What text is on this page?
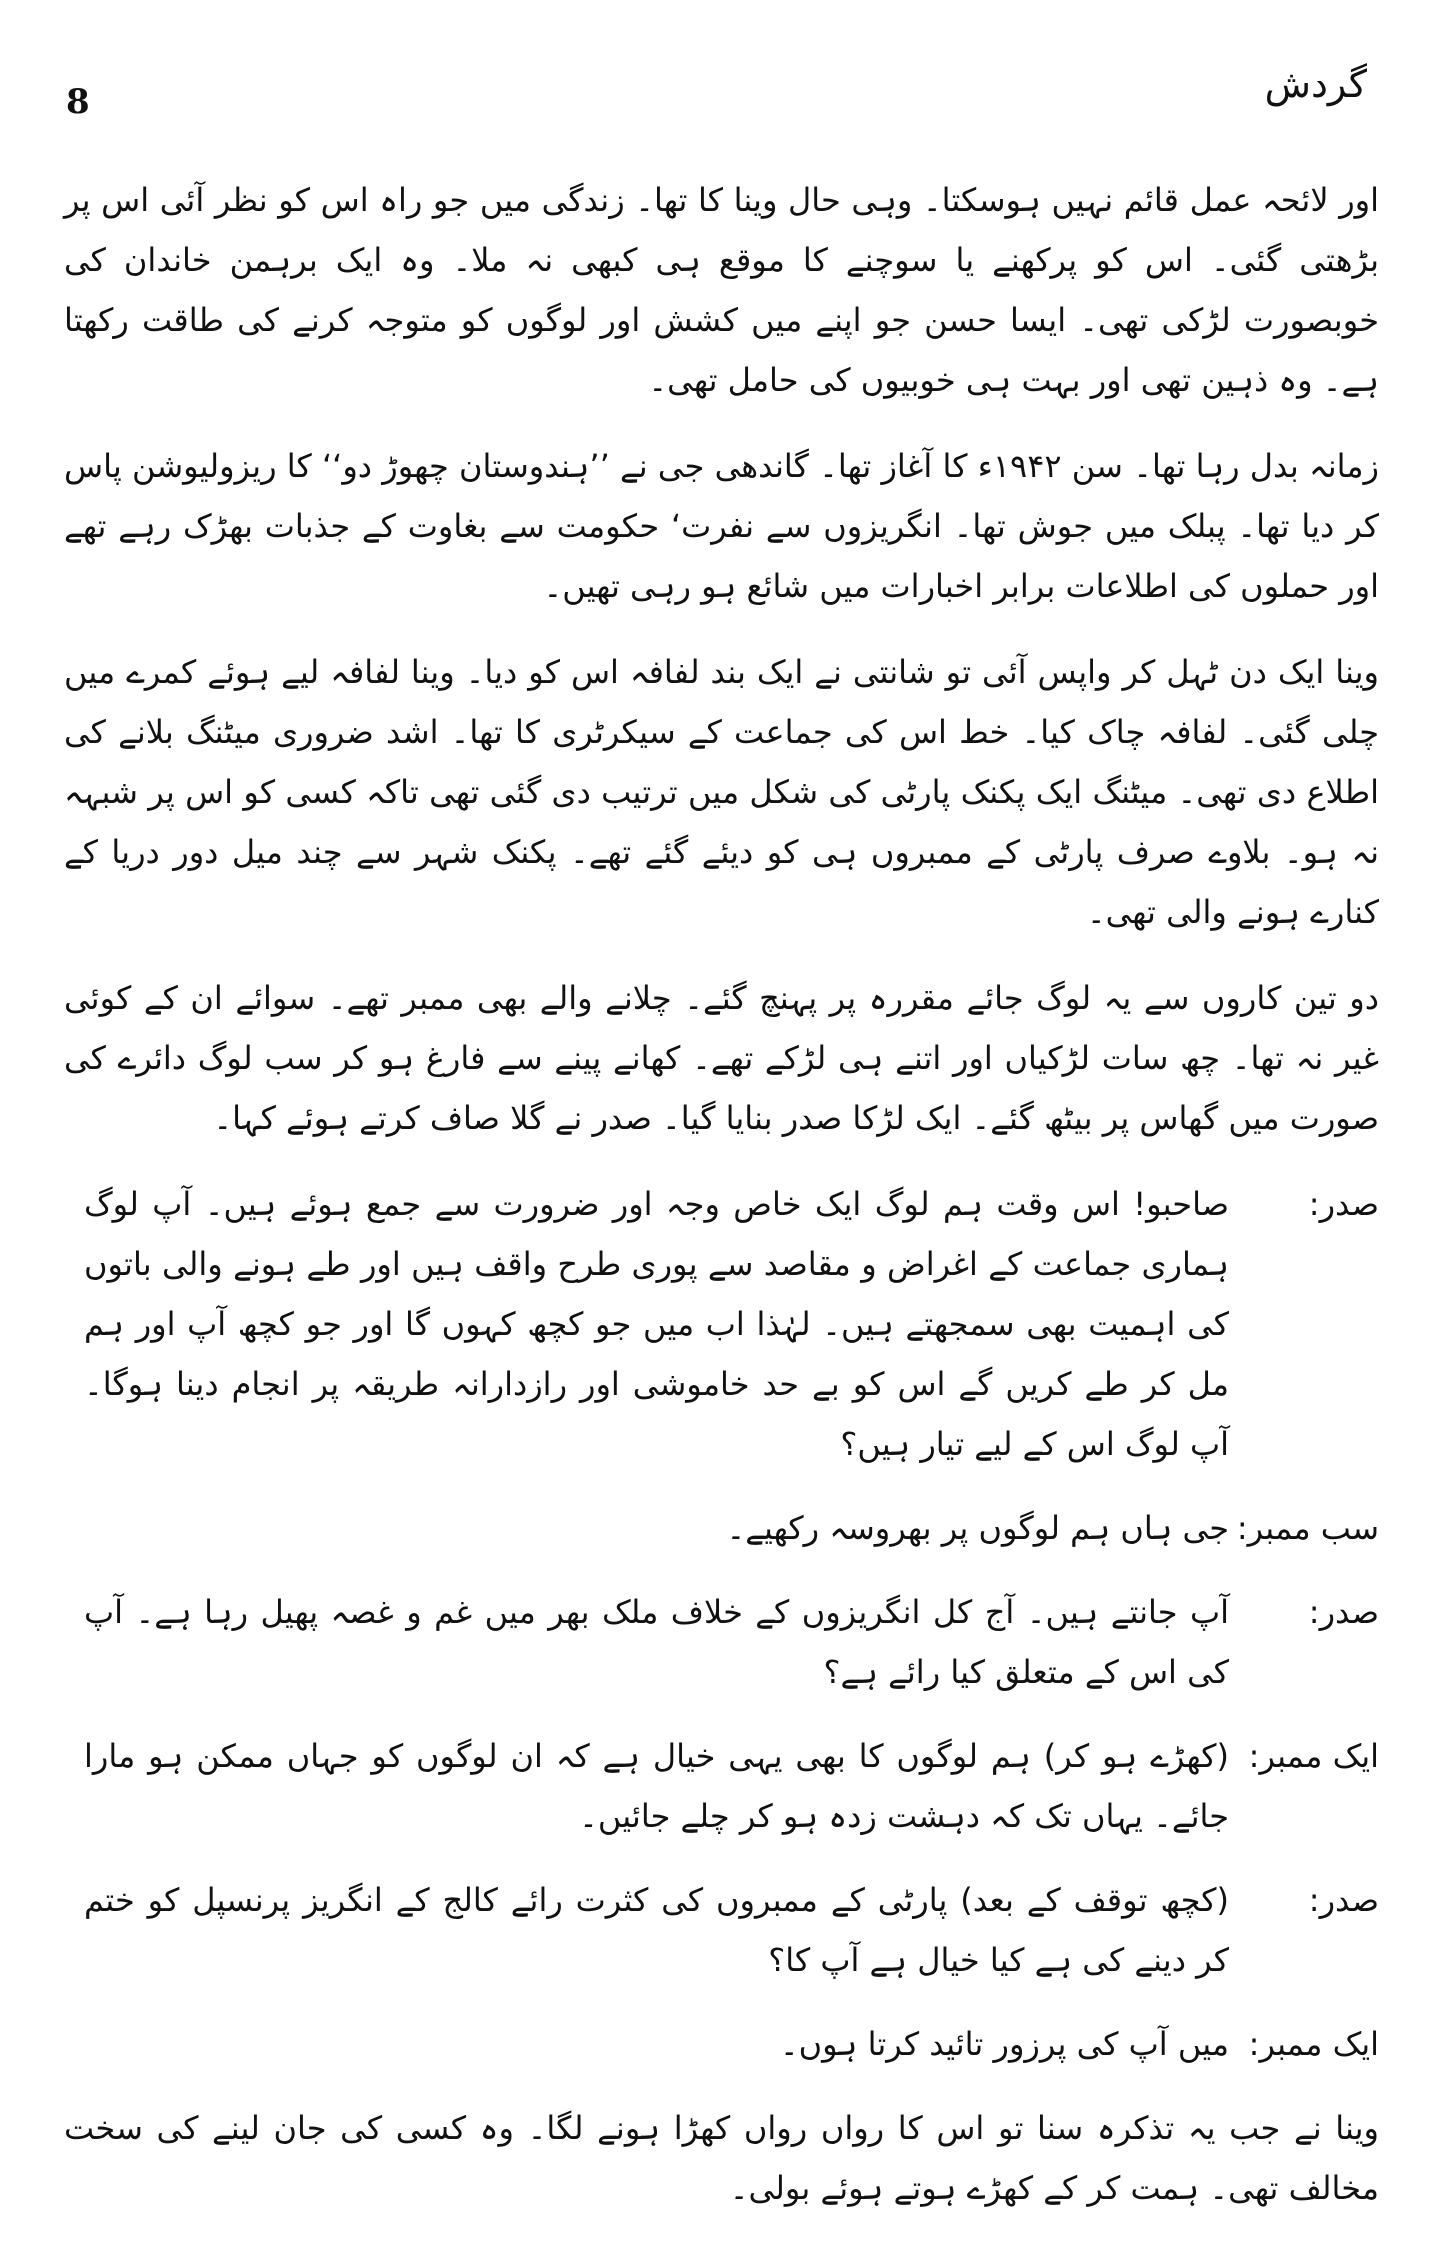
8	گردش

اور لائحہ عمل قائم نہیں ہوسکتا۔ وہی حال وینا کا تھا۔ زندگی میں جو راہ اس کو نظر آئی اس پر بڑھتی گئی۔ اس کو پرکھنے یا سوچنے کا موقع ہی کبھی نہ ملا۔ وہ ایک برہمن خاندان کی خوبصورت لڑکی تھی۔ ایسا حسن جو اپنے میں کشش اور لوگوں کو متوجہ کرنے کی طاقت رکھتا ہے۔ وہ ذہین تھی اور بہت ہی خوبیوں کی حامل تھی۔

زمانہ بدل رہا تھا۔ سن ۱۹۴۲ء کا آغاز تھا۔ گاندھی جی نے ’’ہندوستان چھوڑ دو‘‘ کا ریزولیوشن پاس کر دیا تھا۔ پبلک میں جوش تھا۔ انگریزوں سے نفرت‘ حکومت سے بغاوت کے جذبات بھڑک رہے تھے اور حملوں کی اطلاعات برابر اخبارات میں شائع ہو رہی تھیں۔

وینا ایک دن ٹہل کر واپس آئی تو شانتی نے ایک بند لفافہ اس کو دیا۔ وینا لفافہ لیے ہوئے کمرے میں چلی گئی۔ لفافہ چاک کیا۔ خط اس کی جماعت کے سیکرٹری کا تھا۔ اشد ضروری میٹنگ بلانے کی اطلاع دی تھی۔ میٹنگ ایک پکنک پارٹی کی شکل میں ترتیب دی گئی تھی تاکہ کسی کو اس پر شبہہ نہ ہو۔ بلاوے صرف پارٹی کے ممبروں ہی کو دیئے گئے تھے۔ پکنک شہر سے چند میل دور دریا کے کنارے ہونے والی تھی۔

دو تین کاروں سے یہ لوگ جائے مقررہ پر پہنچ گئے۔ چلانے والے بھی ممبر تھے۔ سوائے ان کے کوئی غیر نہ تھا۔ چھ سات لڑکیاں اور اتنے ہی لڑکے تھے۔ کھانے پینے سے فارغ ہو کر سب لوگ دائرے کی صورت میں گھاس پر بیٹھ گئے۔ ایک لڑکا صدر بنایا گیا۔ صدر نے گلا صاف کرتے ہوئے کہا۔

صدر:
صاحبو! اس وقت ہم لوگ ایک خاص وجہ اور ضرورت سے جمع ہوئے ہیں۔ آپ لوگ ہماری جماعت کے اغراض و مقاصد سے پوری طرح واقف ہیں اور طے ہونے والی باتوں کی اہمیت بھی سمجھتے ہیں۔ لہٰذا اب میں جو کچھ کہوں گا اور جو کچھ آپ اور ہم مل کر طے کریں گے اس کو بے حد خاموشی اور رازدارانہ طریقہ پر انجام دینا ہوگا۔ آپ لوگ اس کے لیے تیار ہیں؟
سب ممبر:
جی ہاں ہم لوگوں پر بھروسہ رکھیے۔
صدر:
آپ جانتے ہیں۔ آج کل انگریزوں کے خلاف ملک بھر میں غم و غصہ پھیل رہا ہے۔ آپ کی اس کے متعلق کیا رائے ہے؟
ایک ممبر:
(کھڑے ہو کر) ہم لوگوں کا بھی یہی خیال ہے کہ ان لوگوں کو جہاں ممکن ہو مارا جائے۔ یہاں تک کہ دہشت زدہ ہو کر چلے جائیں۔
صدر:
(کچھ توقف کے بعد) پارٹی کے ممبروں کی کثرت رائے کالج کے انگریز پرنسپل کو ختم کر دینے کی ہے کیا خیال ہے آپ کا؟
ایک ممبر:
میں آپ کی پرزور تائید کرتا ہوں۔

وینا نے جب یہ تذکرہ سنا تو اس کا رواں رواں کھڑا ہونے لگا۔ وہ کسی کی جان لینے کی سخت مخالف تھی۔ ہمت کر کے کھڑے ہوتے ہوئے بولی۔
